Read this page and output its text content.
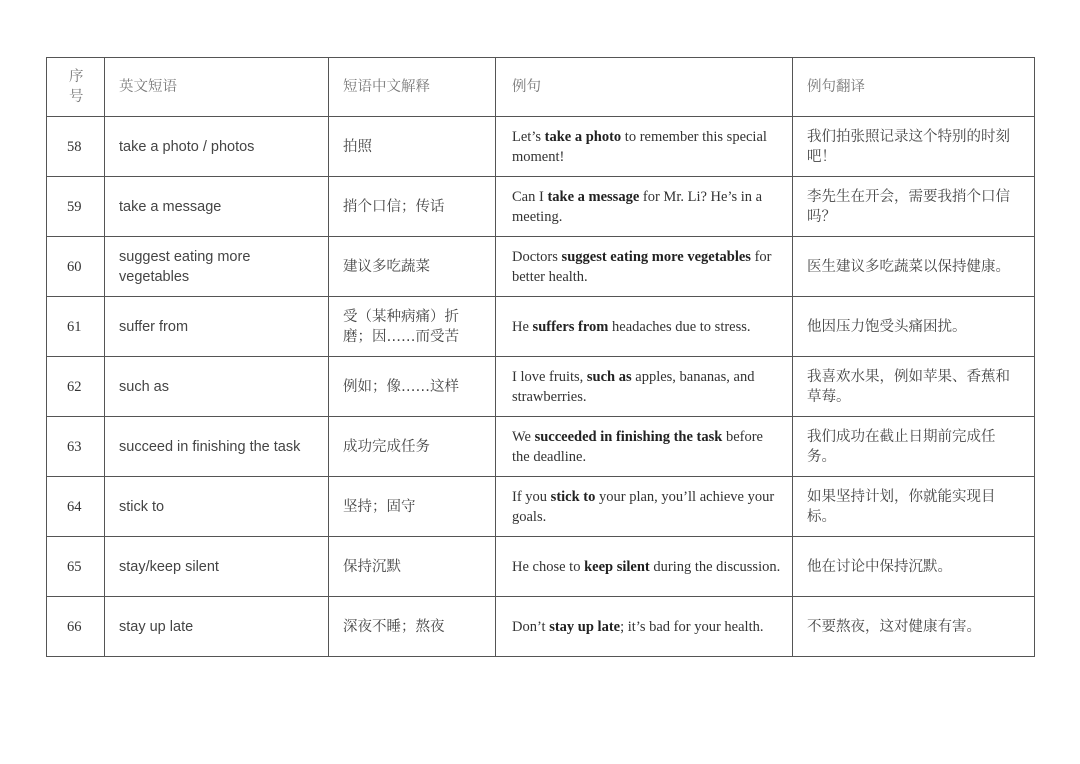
序号	英文短语	短语中文解释	例句	例句翻译
58	take a photo / photos	拍照	Let’s take a photo to remember this special moment!	我们拍张照记录这个特别的时刻吧！
59	take a message	捎个口信；传话	Can I take a message for Mr. Li? He’s in a meeting.	李先生在开会，需要我捎个口信吗？
60	suggest eating more vegetables	建议多吃蔬菜	Doctors suggest eating more vegetables for better health.	医生建议多吃蔬菜以保持健康。
61	suffer from	受（某种病痛）折磨；因……而受苦	He suffers from headaches due to stress.	他因压力饱受头痛困扰。
62	such as	例如；像……这样	I love fruits, such as apples, bananas, and strawberries.	我喜欢水果，例如苹果、香蕉和草莓。
63	succeed in finishing the task	成功完成任务	We succeeded in finishing the task before the deadline.	我们成功在截止日期前完成任务。
64	stick to	坚持；固守	If you stick to your plan, you’ll achieve your goals.	如果坚持计划，你就能实现目标。
65	stay/keep silent	保持沉默	He chose to keep silent during the discussion.	他在讨论中保持沉默。
66	stay up late	深夜不睡；熬夜	Don’t stay up late; it’s bad for your health.	不要熬夜，这对健康有害。
